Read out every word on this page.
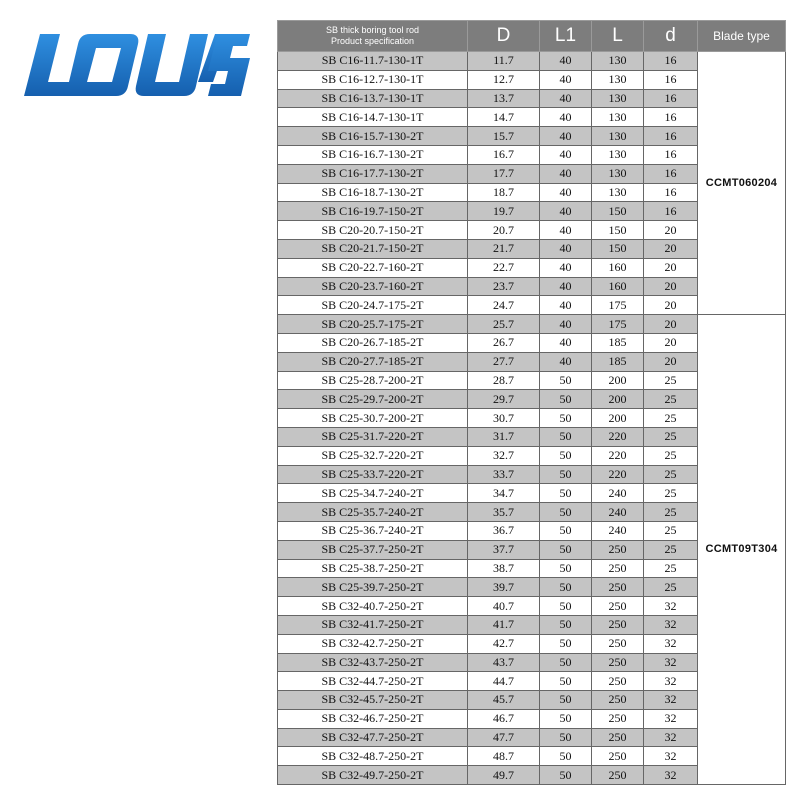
SB thick boring tool rod
Product specification	D	L1	L	d	Blade type
SB C16-11.7-130-1T	11.7	40	130	16	CCMT060204

SB C16-12.7-130-1T	12.7	40	130	16	
SB C16-13.7-130-1T	13.7	40	130	16	
SB C16-14.7-130-1T	14.7	40	130	16	
SB C16-15.7-130-2T	15.7	40	130	16	
SB C16-16.7-130-2T	16.7	40	130	16	
SB C16-17.7-130-2T	17.7	40	130	16	
SB C16-18.7-130-2T	18.7	40	130	16	
SB C16-19.7-150-2T	19.7	40	150	16	
SB C20-20.7-150-2T	20.7	40	150	20	
SB C20-21.7-150-2T	21.7	40	150	20	
SB C20-22.7-160-2T	22.7	40	160	20	
SB C20-23.7-160-2T	23.7	40	160	20	
SB C20-24.7-175-2T	24.7	40	175	20	
SB C20-25.7-175-2T	25.7	40	175	20	CCMT09T304

SB C20-26.7-185-2T	26.7	40	185	20	
SB C20-27.7-185-2T	27.7	40	185	20	
SB C25-28.7-200-2T	28.7	50	200	25	
SB C25-29.7-200-2T	29.7	50	200	25	
SB C25-30.7-200-2T	30.7	50	200	25	
SB C25-31.7-220-2T	31.7	50	220	25	
SB C25-32.7-220-2T	32.7	50	220	25	
SB C25-33.7-220-2T	33.7	50	220	25	
SB C25-34.7-240-2T	34.7	50	240	25	
SB C25-35.7-240-2T	35.7	50	240	25	
SB C25-36.7-240-2T	36.7	50	240	25	
SB C25-37.7-250-2T	37.7	50	250	25	
SB C25-38.7-250-2T	38.7	50	250	25	
SB C25-39.7-250-2T	39.7	50	250	25	
SB C32-40.7-250-2T	40.7	50	250	32	
SB C32-41.7-250-2T	41.7	50	250	32	
SB C32-42.7-250-2T	42.7	50	250	32	
SB C32-43.7-250-2T	43.7	50	250	32	
SB C32-44.7-250-2T	44.7	50	250	32	
SB C32-45.7-250-2T	45.7	50	250	32	
SB C32-46.7-250-2T	46.7	50	250	32	
SB C32-47.7-250-2T	47.7	50	250	32	
SB C32-48.7-250-2T	48.7	50	250	32	
SB C32-49.7-250-2T	49.7	50	250	32	
